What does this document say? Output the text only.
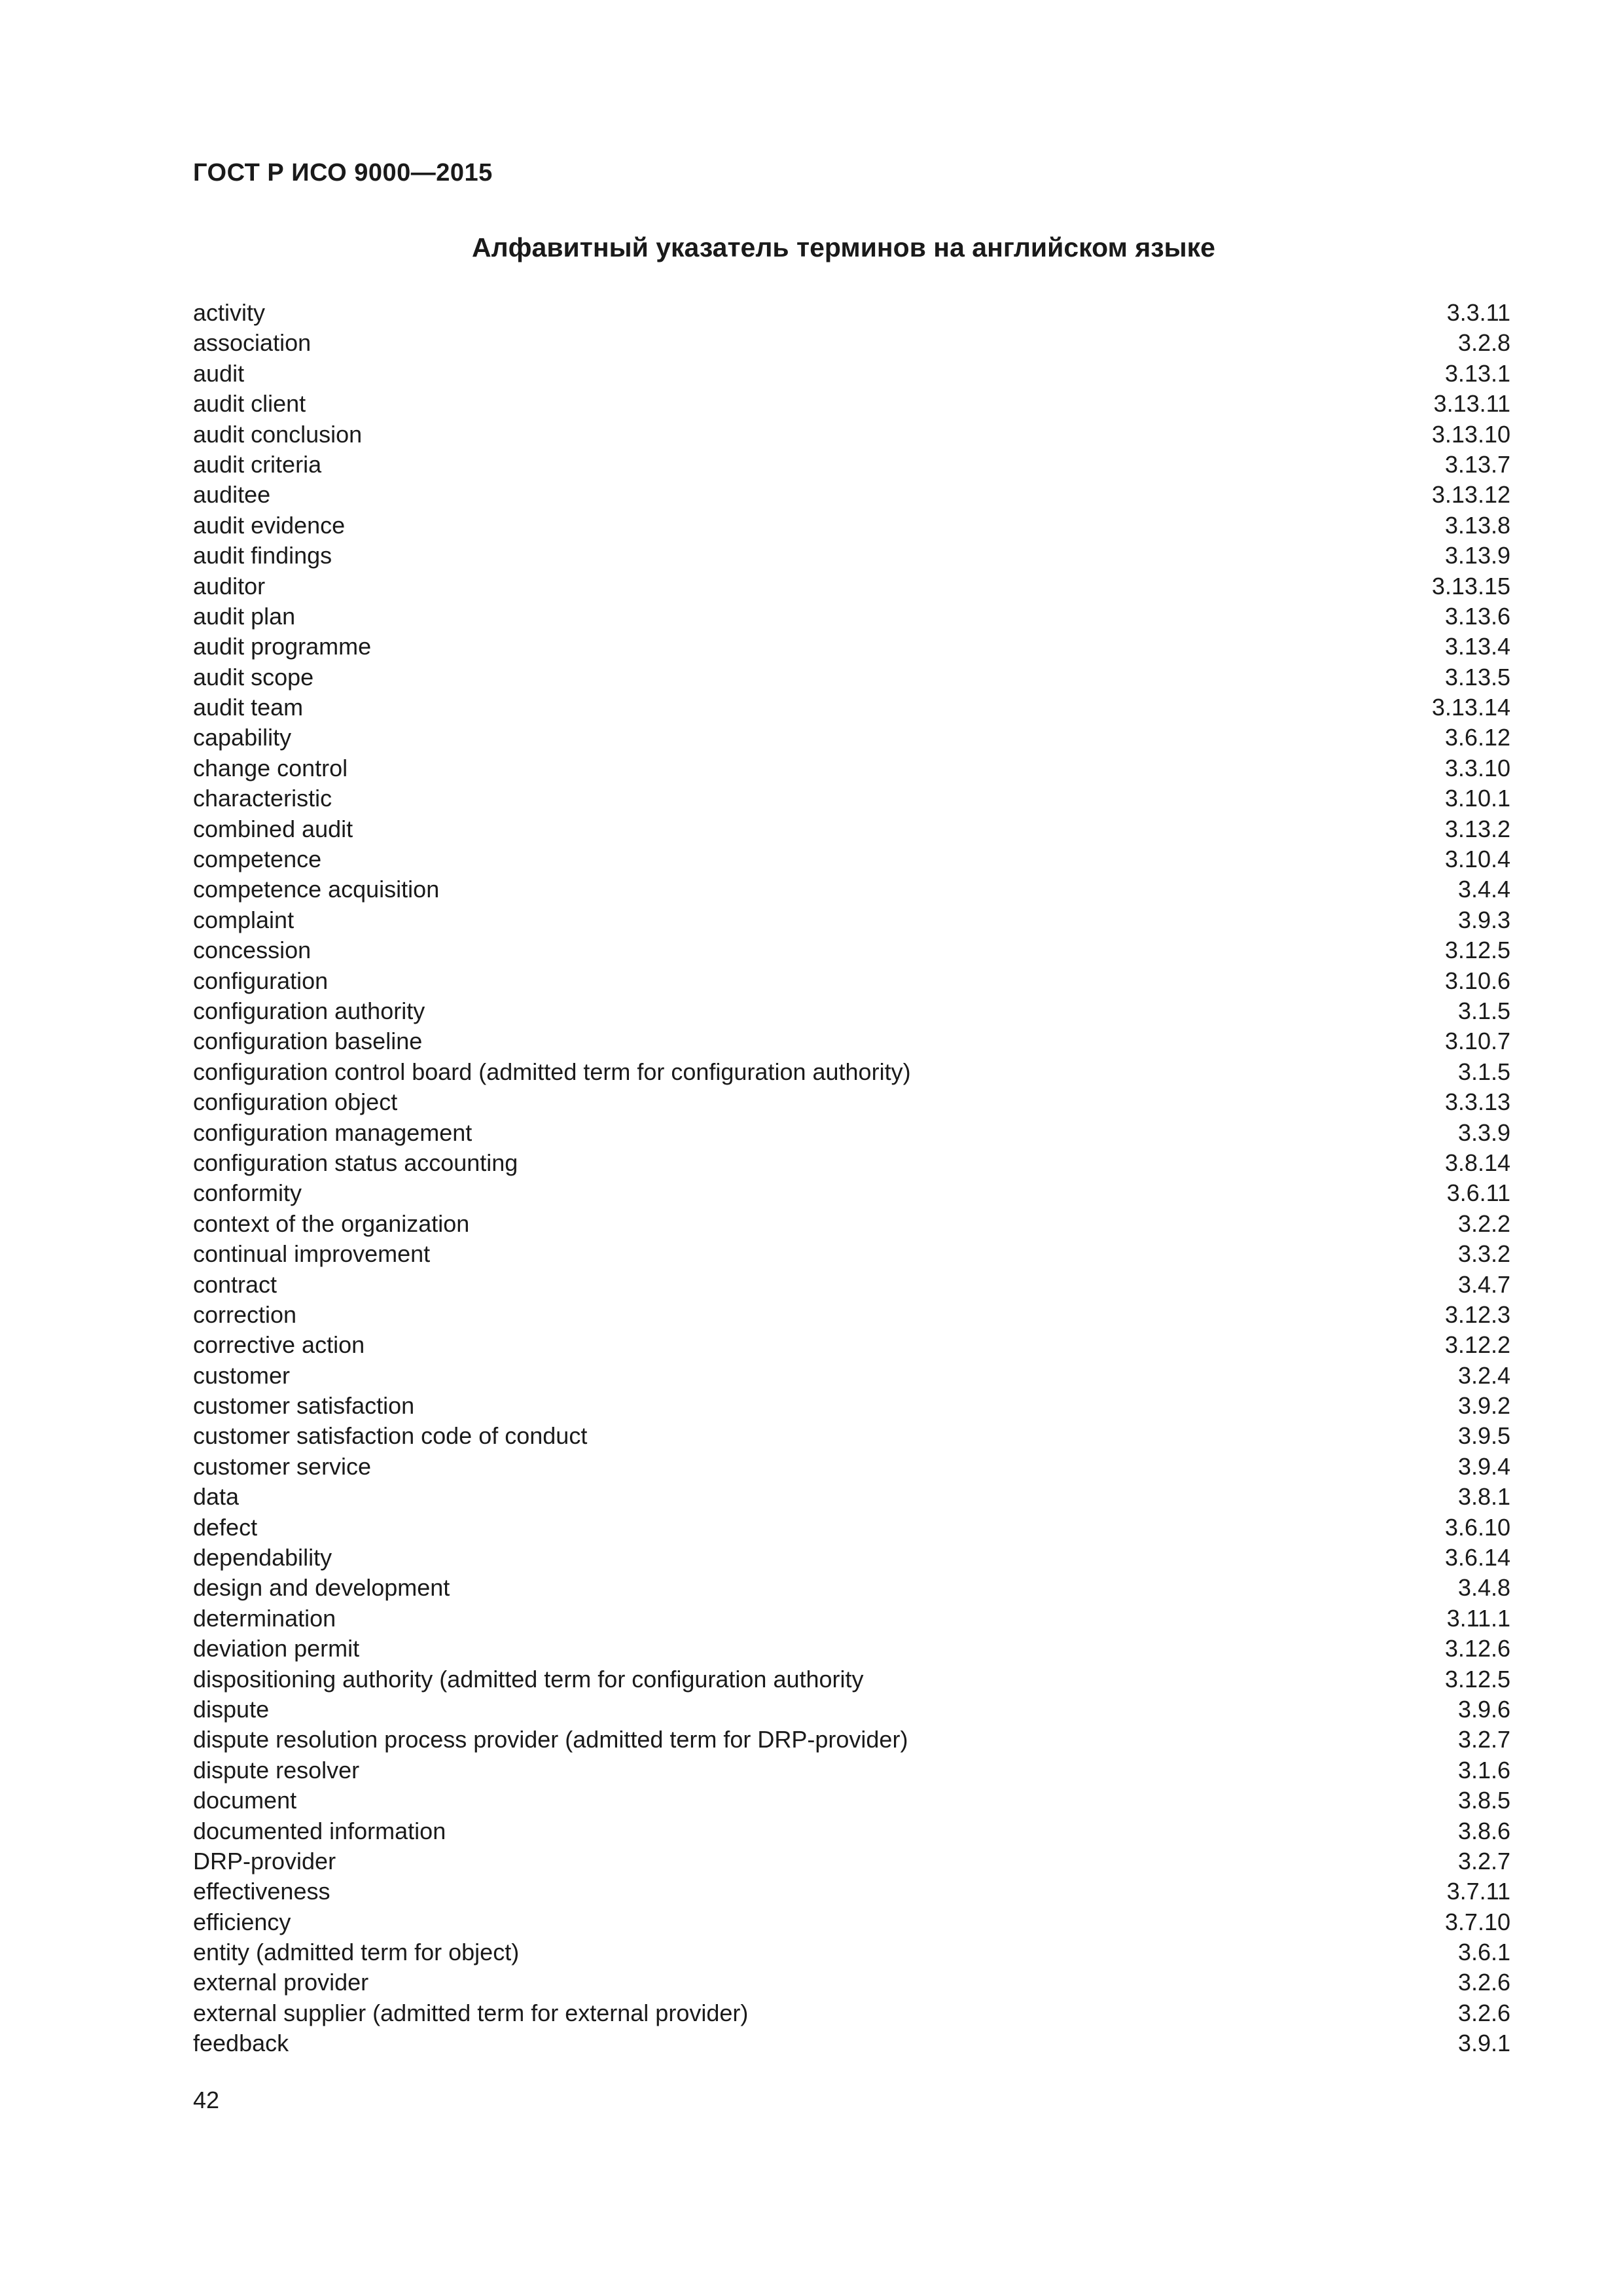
ГОСТ Р ИСО 9000—2015
Алфавитный указатель терминов на английском языке
activity	3.3.11
association	3.2.8
audit	3.13.1
audit client	3.13.11
audit conclusion	3.13.10
audit criteria	3.13.7
auditee	3.13.12
audit evidence	3.13.8
audit findings	3.13.9
auditor	3.13.15
audit plan	3.13.6
audit programme	3.13.4
audit scope	3.13.5
audit team	3.13.14
capability	3.6.12
change control	3.3.10
characteristic	3.10.1
combined audit	3.13.2
competence	3.10.4
competence acquisition	3.4.4
complaint	3.9.3
concession	3.12.5
configuration	3.10.6
configuration authority	3.1.5
configuration baseline	3.10.7
configuration control board (admitted term for configuration authority)	3.1.5
configuration object	3.3.13
configuration management	3.3.9
configuration status accounting	3.8.14
conformity	3.6.11
context of the organization	3.2.2
continual improvement	3.3.2
contract	3.4.7
correction	3.12.3
corrective action	3.12.2
customer	3.2.4
customer satisfaction	3.9.2
customer satisfaction code of conduct	3.9.5
customer service	3.9.4
data	3.8.1
defect	3.6.10
dependability	3.6.14
design and development	3.4.8
determination	3.11.1
deviation permit	3.12.6
dispositioning authority (admitted term for configuration authority	3.12.5
dispute	3.9.6
dispute resolution process provider (admitted term for DRP-provider)	3.2.7
dispute resolver	3.1.6
document	3.8.5
documented information	3.8.6
DRP-provider	3.2.7
effectiveness	3.7.11
efficiency	3.7.10
entity (admitted term for object)	3.6.1
external provider	3.2.6
external supplier (admitted term for external provider)	3.2.6
feedback	3.9.1
42
